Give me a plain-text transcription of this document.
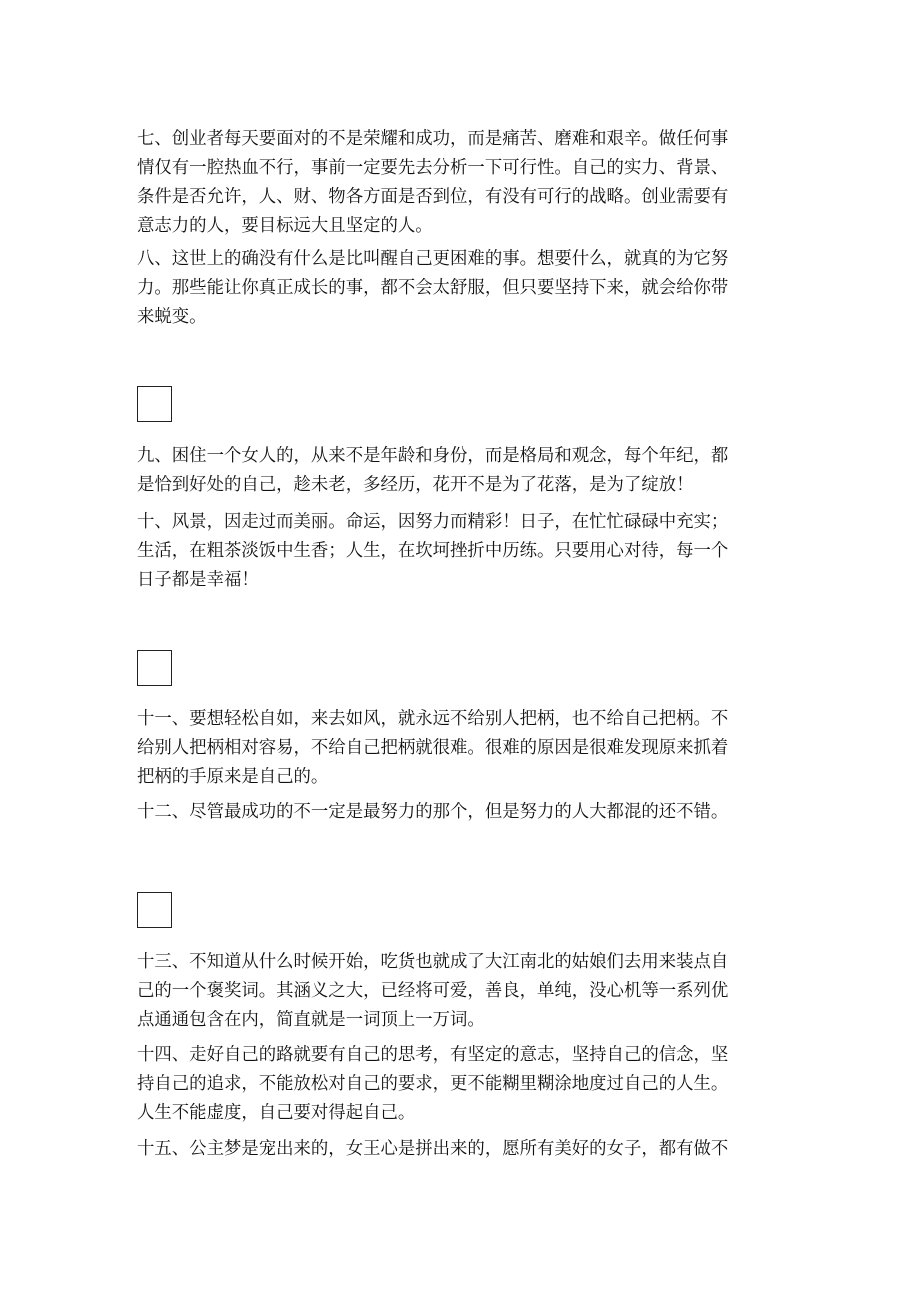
七、创业者每天要面对的不是荣耀和成功，而是痛苦、磨难和艰辛。做任何事
情仅有一腔热血不行，事前一定要先去分析一下可行性。自己的实力、背景、
条件是否允许，人、财、物各方面是否到位，有没有可行的战略。创业需要有
意志力的人，要目标远大且坚定的人。

八、这世上的确没有什么是比叫醒自己更困难的事。想要什么，就真的为它努
力。那些能让你真正成长的事，都不会太舒服，但只要坚持下来，就会给你带
来蜕变。

九、困住一个女人的，从来不是年龄和身份，而是格局和观念，每个年纪，都
是恰到好处的自己，趁未老，多经历，花开不是为了花落，是为了绽放！

十、风景，因走过而美丽。命运，因努力而精彩！日子，在忙忙碌碌中充实；
生活，在粗茶淡饭中生香；人生，在坎坷挫折中历练。只要用心对待，每一个
日子都是幸福！

十一、要想轻松自如，来去如风，就永远不给别人把柄，也不给自己把柄。不
给别人把柄相对容易，不给自己把柄就很难。很难的原因是很难发现原来抓着
把柄的手原来是自己的。

十二、尽管最成功的不一定是最努力的那个，但是努力的人大都混的还不错。

十三、不知道从什么时候开始，吃货也就成了大江南北的姑娘们去用来装点自
己的一个褒奖词。其涵义之大，已经将可爱，善良，单纯，没心机等一系列优
点通通包含在内，简直就是一词顶上一万词。

十四、走好自己的路就要有自己的思考，有坚定的意志，坚持自己的信念，坚
持自己的追求，不能放松对自己的要求，更不能糊里糊涂地度过自己的人生。
人生不能虚度，自己要对得起自己。

十五、公主梦是宠出来的，女王心是拼出来的，愿所有美好的女子，都有做不
